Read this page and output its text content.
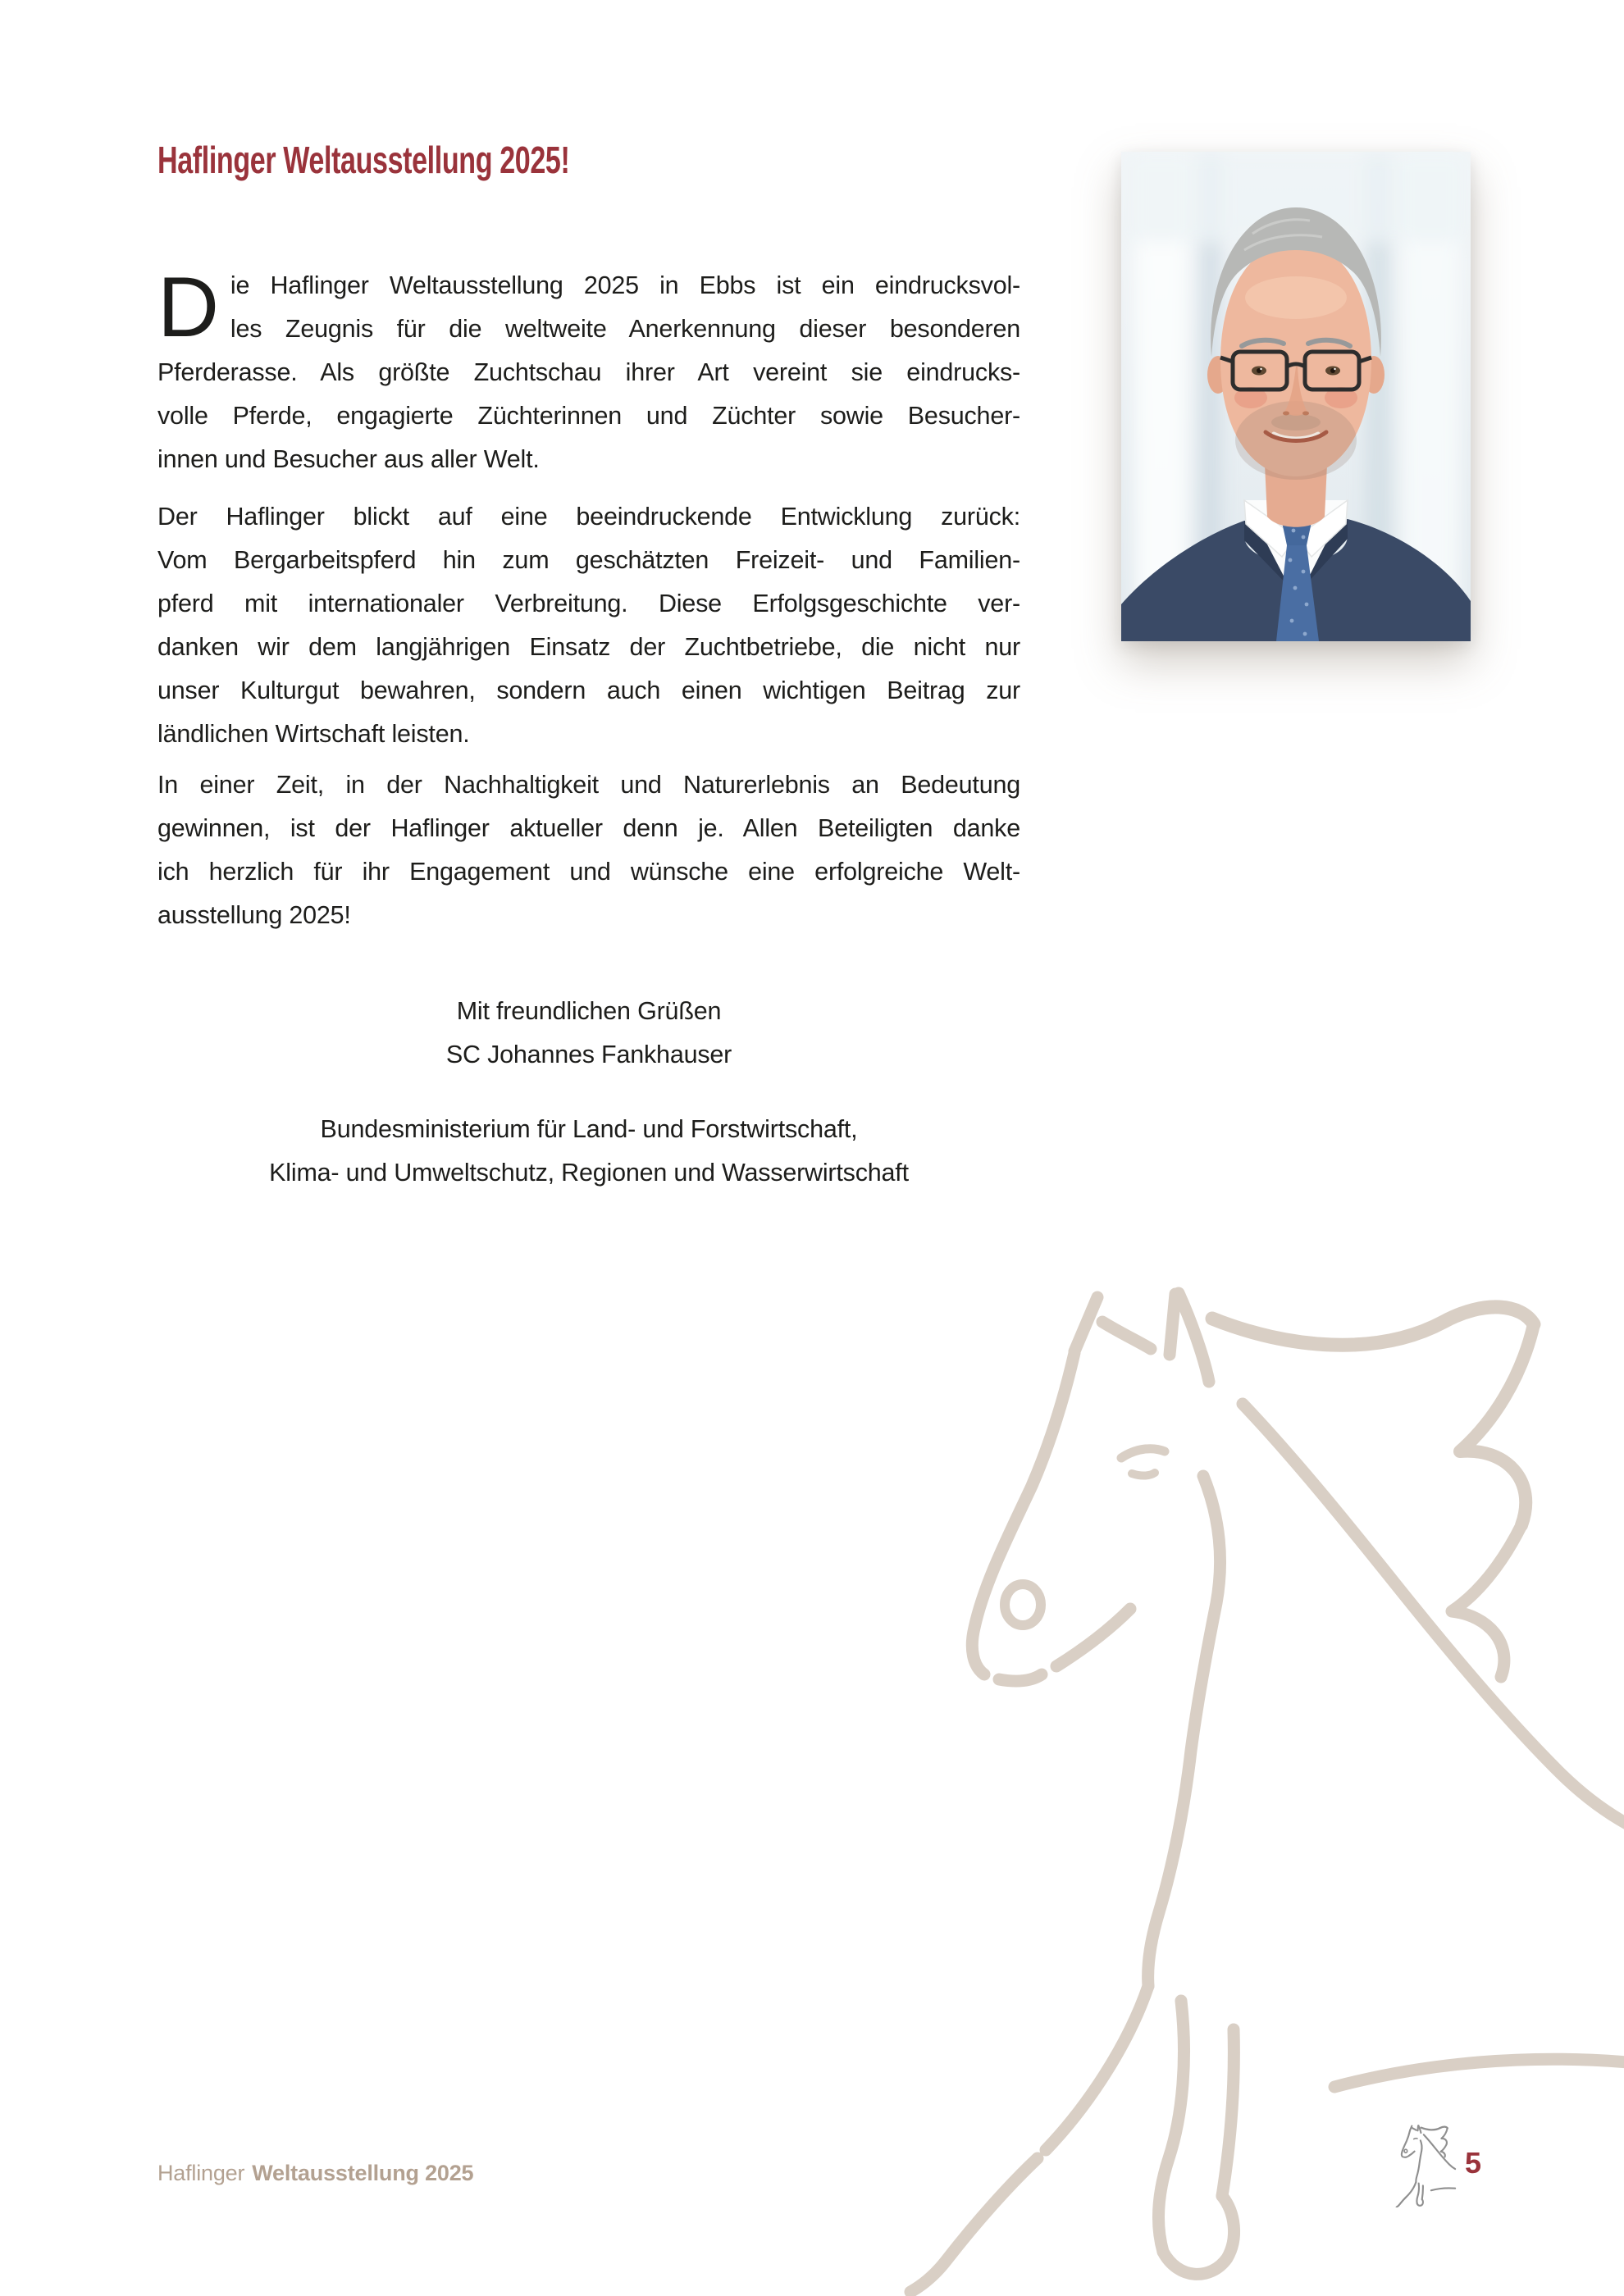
Haflinger Weltausstellung 2025!
D ie Haflinger Weltausstellung 2025 in Ebbs ist ein eindrucksvol-
les Zeugnis für die weltweite Anerkennung dieser besonderen
Pferderasse. Als größte Zuchtschau ihrer Art vereint sie eindrucks-
volle Pferde, engagierte Züchterinnen und Züchter sowie Besucher-
innen und Besucher aus aller Welt.
Der Haflinger blickt auf eine beeindruckende Entwicklung zurück:
Vom Bergarbeitspferd hin zum geschätzten Freizeit- und Familien-
pferd mit internationaler Verbreitung. Diese Erfolgsgeschichte ver-
danken wir dem langjährigen Einsatz der Zuchtbetriebe, die nicht nur
unser Kulturgut bewahren, sondern auch einen wichtigen Beitrag zur
ländlichen Wirtschaft leisten.
In einer Zeit, in der Nachhaltigkeit und Naturerlebnis an Bedeutung
gewinnen, ist der Haflinger aktueller denn je. Allen Beteiligten danke
ich herzlich für ihr Engagement und wünsche eine erfolgreiche Welt-
ausstellung 2025!
Mit freundlichen Grüßen
SC Johannes Fankhauser
Bundesministerium für Land- und Forstwirtschaft,
Klima- und Umweltschutz, Regionen und Wasserwirtschaft
Haflinger Weltausstellung 2025	5
